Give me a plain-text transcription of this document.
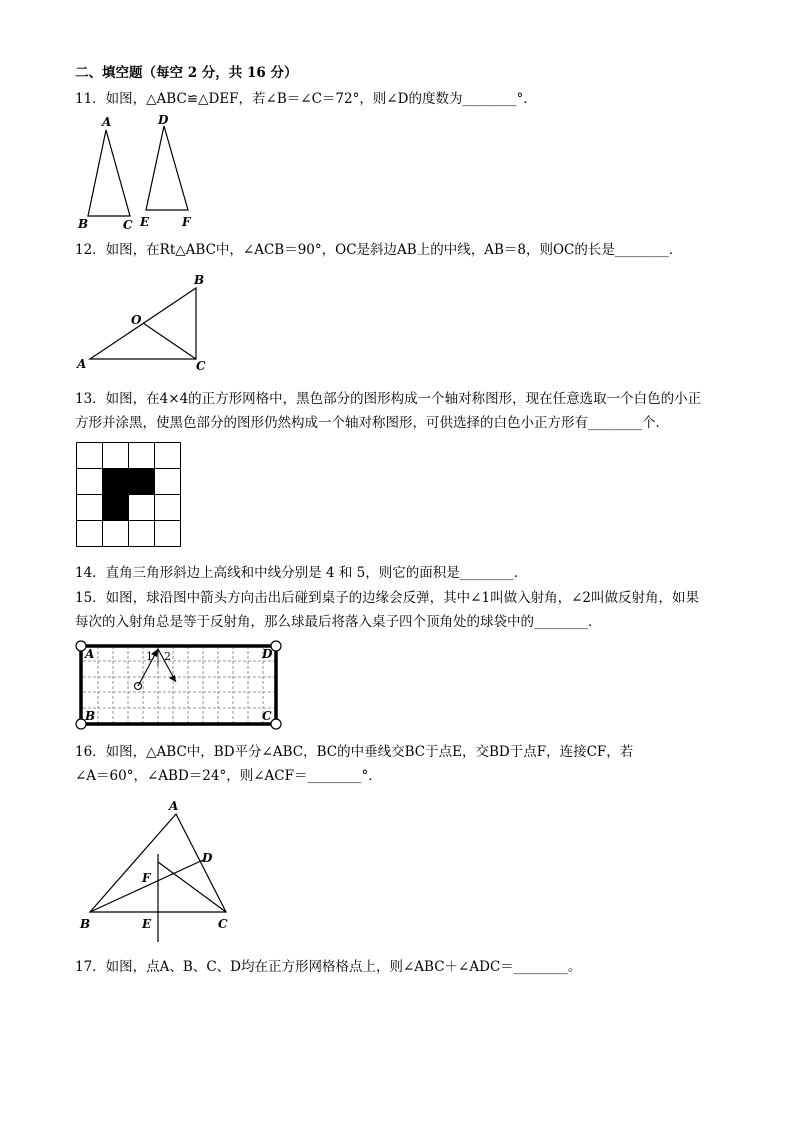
二、填空题（每空 2 分，共 16 分）
11．如图，△ABC≌△DEF，若∠B＝∠C＝72°，则∠D的度数为________°．
A
B	C
D
E	F
12．如图，在Rt△ABC中，∠ACB＝90°，OC是斜边AB上的中线，AB＝8，则OC的长是________．
A
B
C
O
13．如图，在4×4的正方形网格中，黑色部分的图形构成一个轴对称图形，现在任意选取一个白色的小正
方形并涂黑，使黑色部分的图形仍然构成一个轴对称图形，可供选择的白色小正方形有________个．
14．直角三角形斜边上高线和中线分别是 4 和 5，则它的面积是________．
15．如图，球沿图中箭头方向击出后碰到桌子的边缘会反弹，其中∠1叫做入射角，∠2叫做反射角，如果
每次的入射角总是等于反射角，那么球最后将落入桌子四个顶角处的球袋中的________．
A	D
B	C
1 2
16．如图，△ABC中，BD平分∠ABC，BC的中垂线交BC于点E，交BD于点F，连接CF，若
∠A＝60°，∠ABD＝24°，则∠ACF＝________°．
A
B	C
D
E
F
17．如图，点A、B、C、D均在正方形网格格点上，则∠ABC＋∠ADC＝________。
